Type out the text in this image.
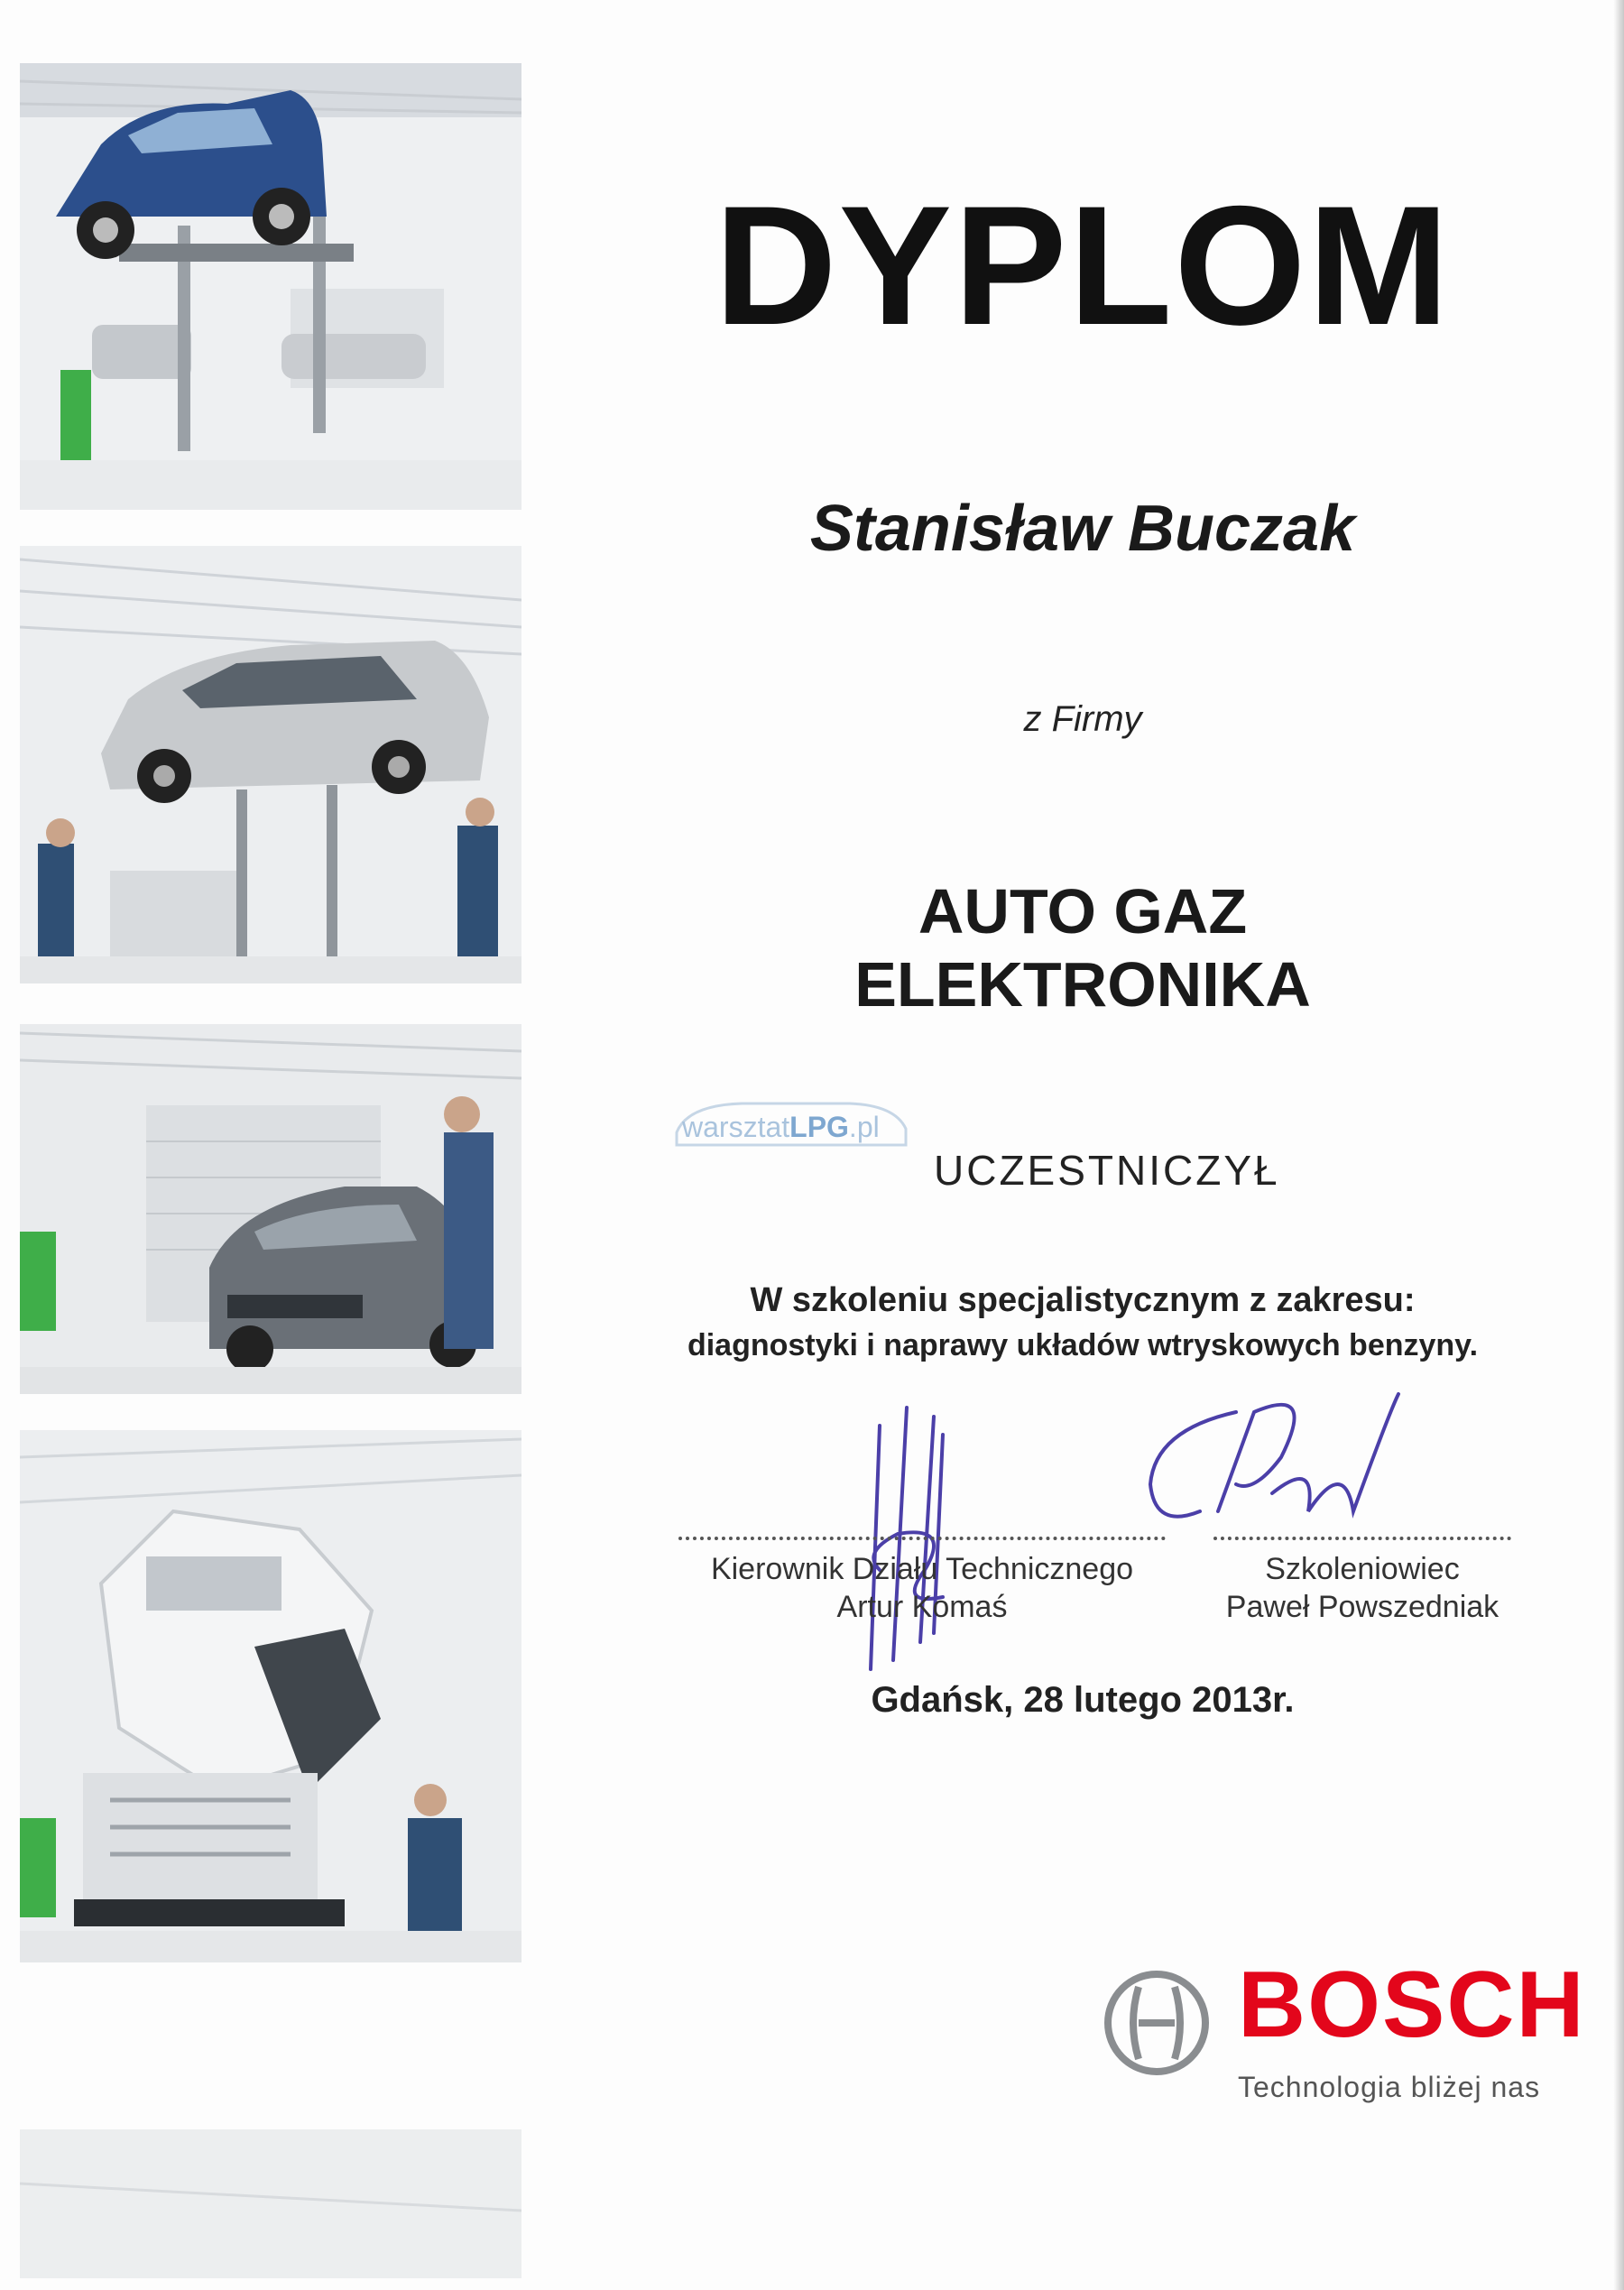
DYPLOM
Stanisław Buczak
z Firmy
AUTO GAZ
ELEKTRONIKA
warsztatLPG.pl
UCZESTNICZYŁ
W szkoleniu specjalistycznym z zakresu:
diagnostyki i naprawy układów wtryskowych benzyny.
Kierownik Działu Technicznego
Artur Komaś
Szkoleniowiec
Paweł Powszedniak
Gdańsk, 28 lutego 2013r.
BOSCH
Technologia bliżej nas
